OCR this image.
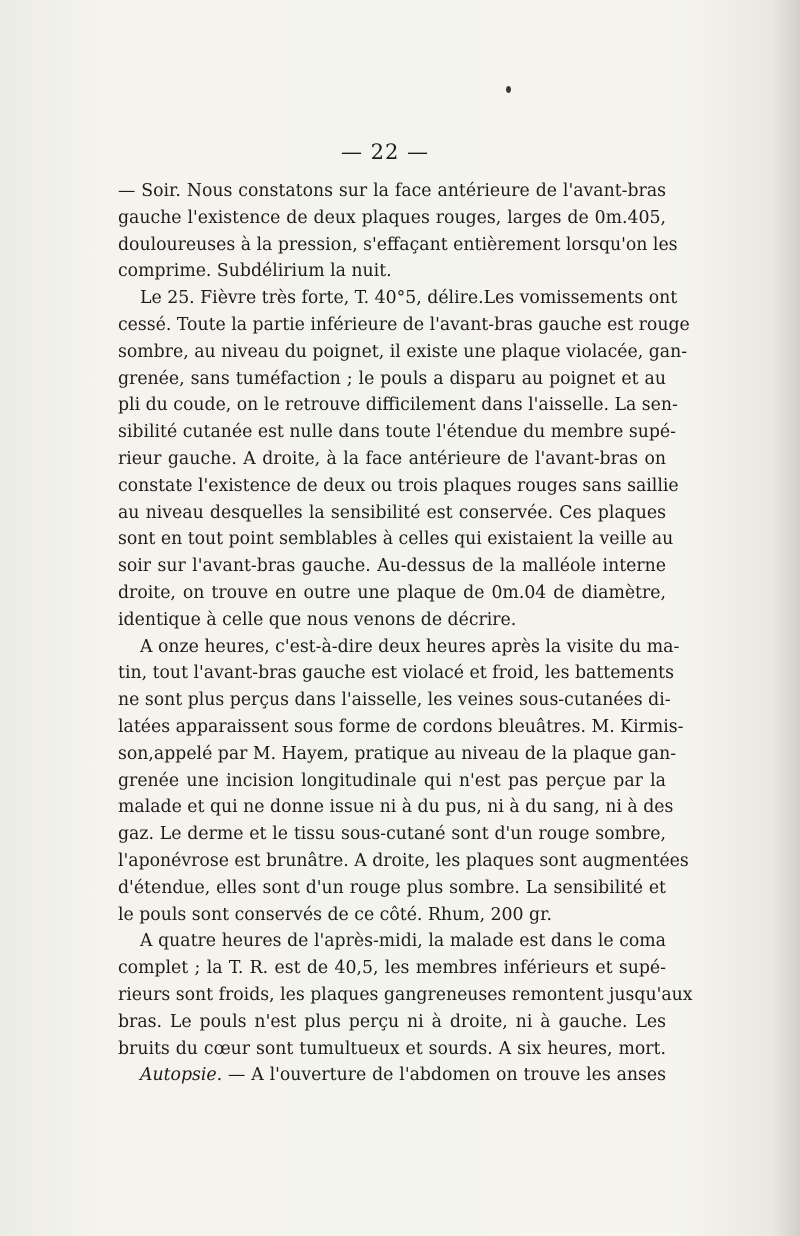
— 22 —
— Soir. Nous constatons sur la face antérieure de l'avant-bras
gauche l'existence de deux plaques rouges, larges de 0m.405,
douloureuses à la pression, s'effaçant entièrement lorsqu'on les
comprime. Subdélirium la nuit.
Le 25. Fièvre très forte, T. 40°5, délire.Les vomissements ont
cessé. Toute la partie inférieure de l'avant-bras gauche est rouge
sombre, au niveau du poignet, il existe une plaque violacée, gan-
grenée, sans tuméfaction ; le pouls a disparu au poignet et au
pli du coude, on le retrouve difficilement dans l'aisselle. La sen-
sibilité cutanée est nulle dans toute l'étendue du membre supé-
rieur gauche. A droite, à la face antérieure de l'avant-bras on
constate l'existence de deux ou trois plaques rouges sans saillie
au niveau desquelles la sensibilité est conservée. Ces plaques
sont en tout point semblables à celles qui existaient la veille au
soir sur l'avant-bras gauche. Au-dessus de la malléole interne
droite, on trouve en outre une plaque de 0m.04 de diamètre,
identique à celle que nous venons de décrire.
A onze heures, c'est-à-dire deux heures après la visite du ma-
tin, tout l'avant-bras gauche est violacé et froid, les battements
ne sont plus perçus dans l'aisselle, les veines sous-cutanées di-
latées apparaissent sous forme de cordons bleuâtres. M. Kirmis-
son,appelé par M. Hayem, pratique au niveau de la plaque gan-
grenée une incision longitudinale qui n'est pas perçue par la
malade et qui ne donne issue ni à du pus, ni à du sang, ni à des
gaz. Le derme et le tissu sous-cutané sont d'un rouge sombre,
l'aponévrose est brunâtre. A droite, les plaques sont augmentées
d'étendue, elles sont d'un rouge plus sombre. La sensibilité et
le pouls sont conservés de ce côté. Rhum, 200 gr.
A quatre heures de l'après-midi, la malade est dans le coma
complet ; la T. R. est de 40,5, les membres inférieurs et supé-
rieurs sont froids, les plaques gangreneuses remontent jusqu'aux
bras. Le pouls n'est plus perçu ni à droite, ni à gauche. Les
bruits du cœur sont tumultueux et sourds. A six heures, mort.
Autopsie. — A l'ouverture de l'abdomen on trouve les anses
